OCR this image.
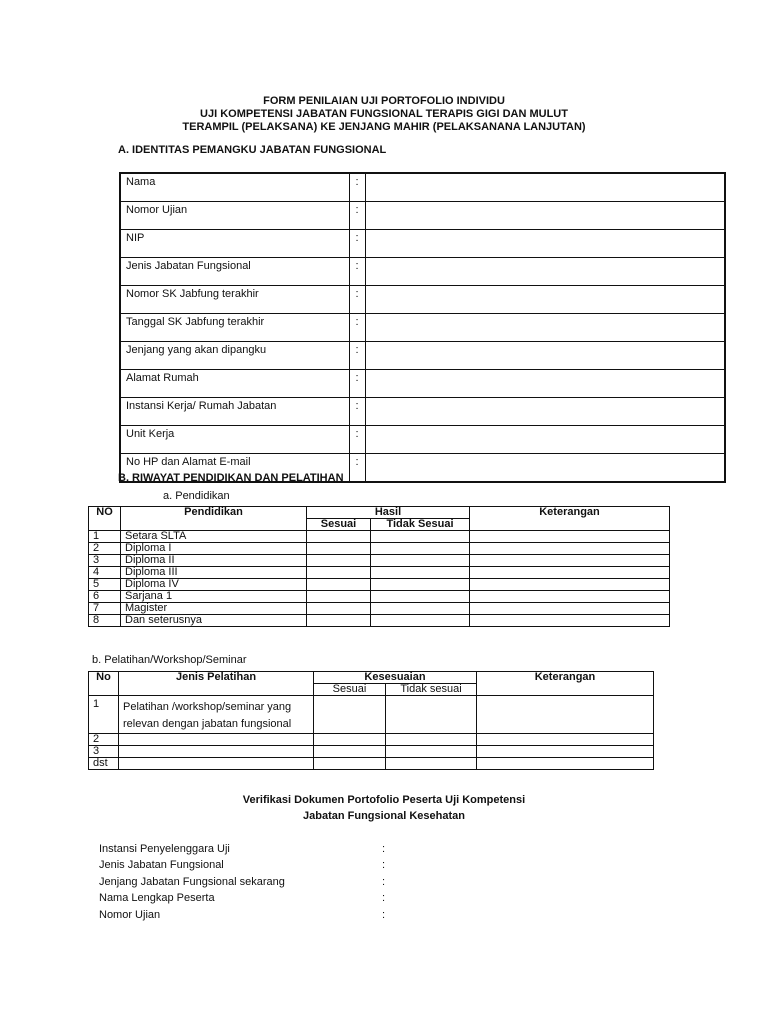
FORM PENILAIAN UJI PORTOFOLIO INDIVIDU
UJI KOMPETENSI JABATAN FUNGSIONAL TERAPIS GIGI DAN MULUT
TERAMPIL (PELAKSANA) KE JENJANG MAHIR (PELAKSANANA LANJUTAN)
A. IDENTITAS PEMANGKU JABATAN FUNGSIONAL
Nama	:	
Nomor Ujian	:	
NIP	:	
Jenis Jabatan Fungsional	:	
Nomor SK Jabfung terakhir	:	
Tanggal SK Jabfung terakhir	:	
Jenjang yang akan dipangku	:	
Alamat Rumah	:	
Instansi Kerja/ Rumah Jabatan	:	
Unit Kerja	:	
No HP dan Alamat E-mail	:	
B. RIWAYAT PENDIDIKAN DAN PELATIHAN
a. Pendidikan
NO	Pendidikan	Hasil		Keterangan
		Sesuai	Tidak Sesuai	
1	Setara SLTA			
2	Diploma I			
3	Diploma II			
4	Diploma III			
5	Diploma IV			
6	Sarjana 1			
7	Magister			
8	Dan seterusnya			
b. Pelatihan/Workshop/Seminar
No	Jenis Pelatihan	Kesesuaian		Keterangan
		Sesuai	Tidak sesuai	
1	Pelatihan /workshop/seminar yang
relevan dengan jabatan fungsional			
2				
3				
dst				
Verifikasi Dokumen Portofolio Peserta Uji Kompetensi
Jabatan Fungsional Kesehatan
Instansi Penyelenggara Uji	:
Jenis Jabatan Fungsional	:
Jenjang Jabatan Fungsional sekarang	:
Nama Lengkap Peserta	:
Nomor Ujian	:
